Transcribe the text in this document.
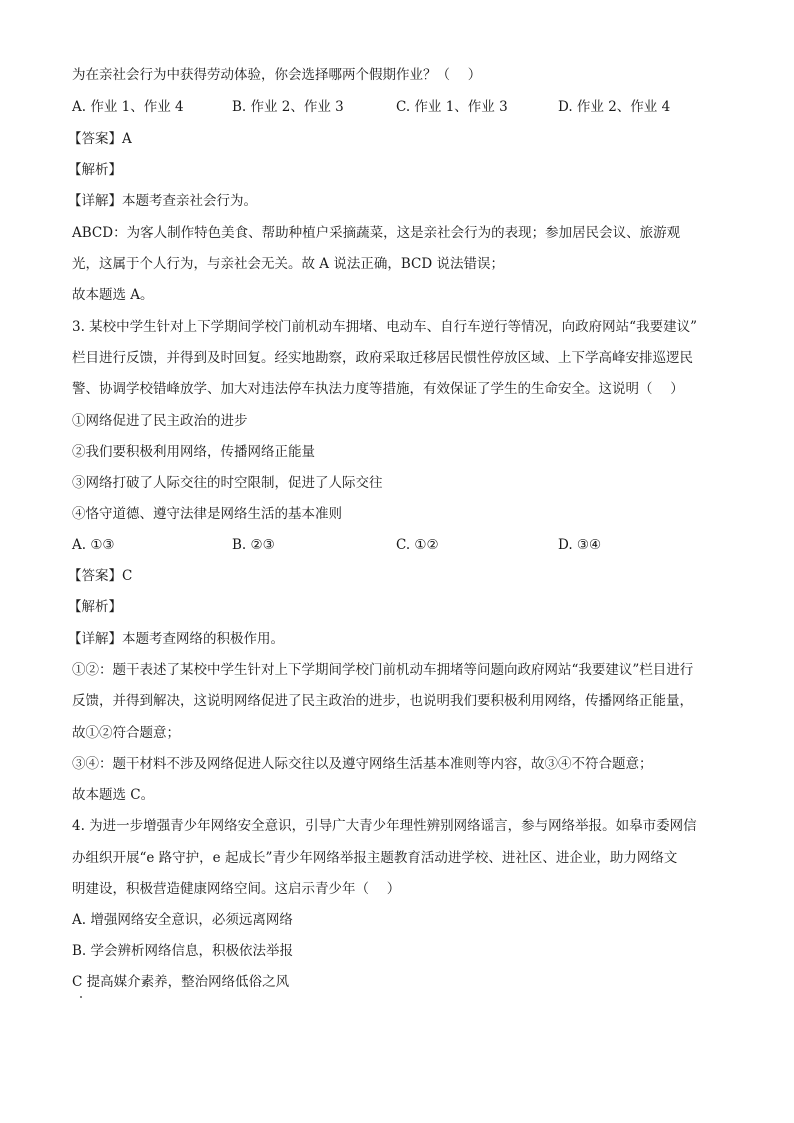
为在亲社会行为中获得劳动体验，你会选择哪两个假期作业？（　 ）
A. 作业 1、作业 4	B. 作业 2、作业 3	C. 作业 1、作业 3	D. 作业 2、作业 4
【答案】A
【解析】
【详解】本题考查亲社会行为。
ABCD：为客人制作特色美食、帮助种植户采摘蔬菜，这是亲社会行为的表现；参加居民会议、旅游观
光，这属于个人行为，与亲社会无关。故 A 说法正确，BCD 说法错误；
故本题选 A。
3. 某校中学生针对上下学期间学校门前机动车拥堵、电动车、自行车逆行等情况，向政府网站“我要建议”
栏目进行反馈，并得到及时回复。经实地勘察，政府采取迁移居民惯性停放区域、上下学高峰安排巡逻民
警、协调学校错峰放学、加大对违法停车执法力度等措施，有效保证了学生的生命安全。这说明（　 ）
①网络促进了民主政治的进步
②我们要积极利用网络，传播网络正能量
③网络打破了人际交往的时空限制，促进了人际交往
④恪守道德、遵守法律是网络生活的基本准则
A. ①③	B. ②③	C. ①②	D. ③④
【答案】C
【解析】
【详解】本题考查网络的积极作用。
①②：题干表述了某校中学生针对上下学期间学校门前机动车拥堵等问题向政府网站“我要建议”栏目进行
反馈，并得到解决，这说明网络促进了民主政治的进步，也说明我们要积极利用网络，传播网络正能量，
故①②符合题意；
③④：题干材料不涉及网络促进人际交往以及遵守网络生活基本准则等内容，故③④不符合题意；
故本题选 C。
4. 为进一步增强青少年网络安全意识，引导广大青少年理性辨别网络谣言，参与网络举报。如皋市委网信
办组织开展“e 路守护，e 起成长”青少年网络举报主题教育活动进学校、进社区、进企业，助力网络文
明建设，积极营造健康网络空间。这启示青少年（　 ）
A. 增强网络安全意识，必须远离网络
B. 学会辨析网络信息，积极依法举报
C 提高媒介素养，整治网络低俗之风
